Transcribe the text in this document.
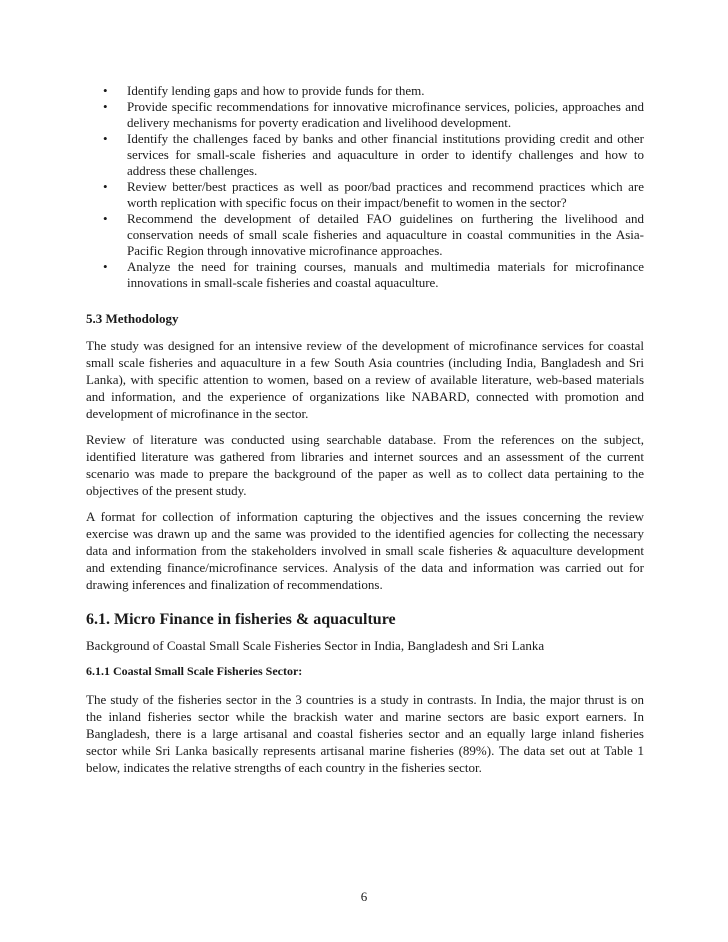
• Identify lending gaps and how to provide funds for them.
• Provide specific recommendations for innovative microfinance services, policies, approaches and delivery mechanisms for poverty eradication and livelihood development.
• Identify the challenges faced by banks and other financial institutions providing credit and other services for small-scale fisheries and aquaculture in order to identify challenges and how to address these challenges.
• Review better/best practices as well as poor/bad practices and recommend practices which are worth replication with specific focus on their impact/benefit to women in the sector?
• Recommend the development of detailed FAO guidelines on furthering the livelihood and conservation needs of small scale fisheries and aquaculture in coastal communities in the Asia-Pacific Region through innovative microfinance approaches.
• Analyze the need for training courses, manuals and multimedia materials for microfinance innovations in small-scale fisheries and coastal aquaculture.
5.3 Methodology

The study was designed for an intensive review of the development of microfinance services for coastal small scale fisheries and aquaculture in a few South Asia countries (including India, Bangladesh and Sri Lanka), with specific attention to women, based on a review of available literature, web-based materials and information, and the experience of organizations like NABARD, connected with promotion and development of microfinance in the sector.

Review of literature was conducted using searchable database. From the references on the subject, identified literature was gathered from libraries and internet sources and an assessment of the current scenario was made to prepare the background of the paper as well as to collect data pertaining to the objectives of the present study.

A format for collection of information capturing the objectives and the issues concerning the review exercise was drawn up and the same was provided to the identified agencies for collecting the necessary data and information from the stakeholders involved in small scale fisheries & aquaculture development and extending finance/microfinance services. Analysis of the data and information was carried out for drawing inferences and finalization of recommendations.

6.1. Micro Finance in fisheries & aquaculture

Background of Coastal Small Scale Fisheries Sector in India, Bangladesh and Sri Lanka

6.1.1 Coastal Small Scale Fisheries Sector:

The study of the fisheries sector in the 3 countries is a study in contrasts. In India, the major thrust is on the inland fisheries sector while the brackish water and marine sectors are basic export earners. In Bangladesh, there is a large artisanal and coastal fisheries sector and an equally large inland fisheries sector while Sri Lanka basically represents artisanal marine fisheries (89%). The data set out at Table 1 below, indicates the relative strengths of each country in the fisheries sector.

6
